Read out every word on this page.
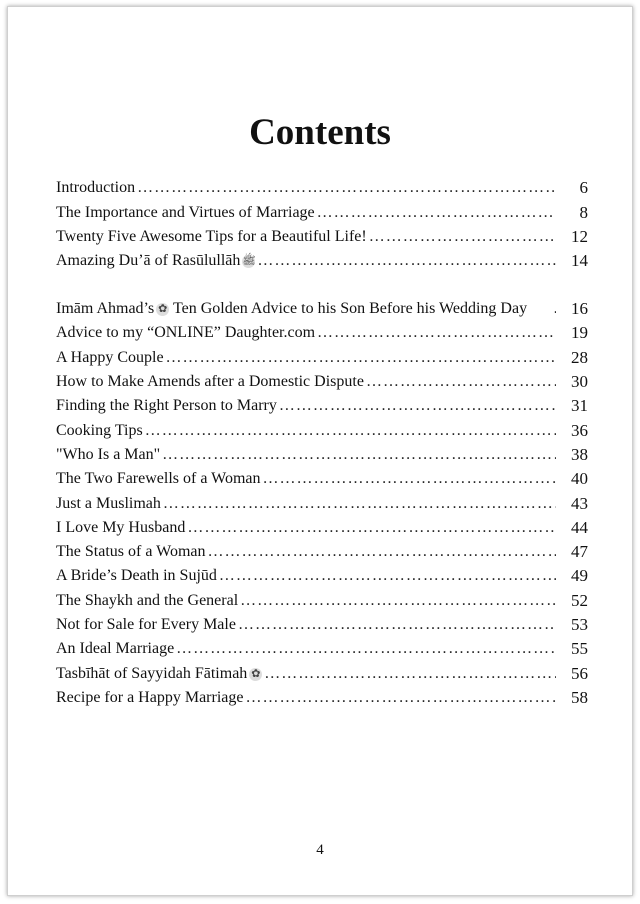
Contents
Introduction …………………………………………………………………………………………………………………………………………………………………………………………	6
The Importance and Virtues of Marriage …………………………………………………………………………………………………………………………………………………………………………………………	8
Twenty Five Awesome Tips for a Beautiful Life! …………………………………………………………………………………………………………………………………………………………………………………………	12
Amazing Du’ā of Rasūlullāh ﷺ …………………………………………………………………………………………………………………………………………………………………………………………	14
Imām Ahmad’s ✿ Ten Golden Advice to his Son Before his Wedding Day …………………………………………………………………………………………………………………………………………………………………………………………	16
Advice to my “ONLINE” Daughter.com …………………………………………………………………………………………………………………………………………………………………………………………	19
A Happy Couple …………………………………………………………………………………………………………………………………………………………………………………………	28
How to Make Amends after a Domestic Dispute …………………………………………………………………………………………………………………………………………………………………………………………	30
Finding the Right Person to Marry …………………………………………………………………………………………………………………………………………………………………………………………	31
Cooking Tips …………………………………………………………………………………………………………………………………………………………………………………………	36
"Who Is a Man" …………………………………………………………………………………………………………………………………………………………………………………………	38
The Two Farewells of a Woman …………………………………………………………………………………………………………………………………………………………………………………………	40
Just a Muslimah …………………………………………………………………………………………………………………………………………………………………………………………	43
I Love My Husband …………………………………………………………………………………………………………………………………………………………………………………………	44
The Status of a Woman …………………………………………………………………………………………………………………………………………………………………………………………	47
A Bride’s Death in Sujūd …………………………………………………………………………………………………………………………………………………………………………………………	49
The Shaykh and the General …………………………………………………………………………………………………………………………………………………………………………………………	52
Not for Sale for Every Male …………………………………………………………………………………………………………………………………………………………………………………………	53
An Ideal Marriage …………………………………………………………………………………………………………………………………………………………………………………………	55
Tasbīhāt of Sayyidah Fātimah ✿ …………………………………………………………………………………………………………………………………………………………………………………………	56
Recipe for a Happy Marriage …………………………………………………………………………………………………………………………………………………………………………………………	58
4
